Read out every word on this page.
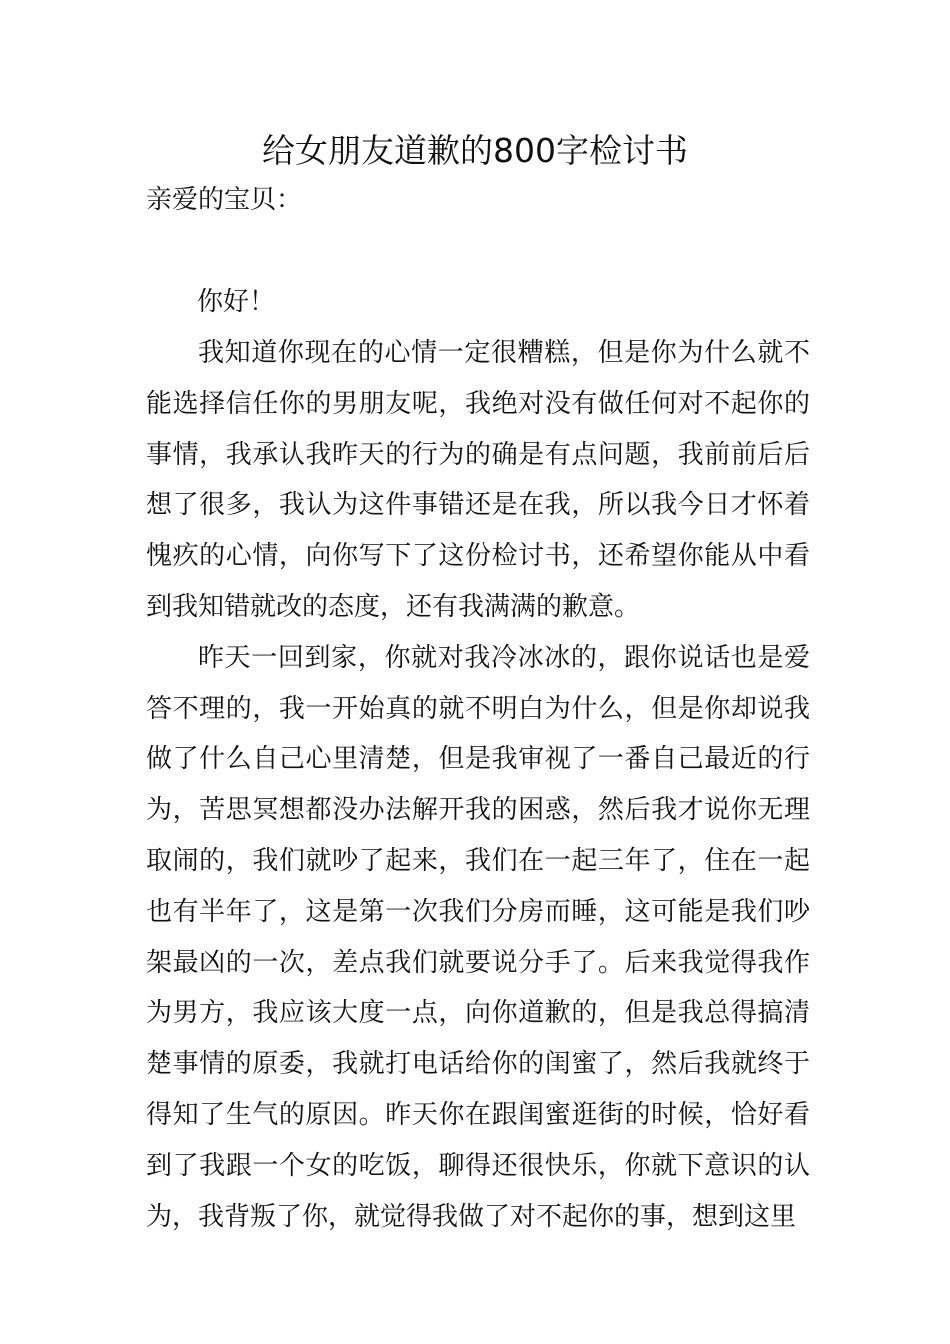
给女朋友道歉的800字检讨书
亲爱的宝贝：
你好！

我知道你现在的心情一定很糟糕，但是你为什么就不能选择信任你的男朋友呢，我绝对没有做任何对不起你的事情，我承认我昨天的行为的确是有点问题，我前前后后想了很多，我认为这件事错还是在我，所以我今日才怀着愧疚的心情，向你写下了这份检讨书，还希望你能从中看到我知错就改的态度，还有我满满的歉意。

昨天一回到家，你就对我冷冰冰的，跟你说话也是爱答不理的，我一开始真的就不明白为什么，但是你却说我做了什么自己心里清楚，但是我审视了一番自己最近的行为，苦思冥想都没办法解开我的困惑，然后我才说你无理取闹的，我们就吵了起来，我们在一起三年了，住在一起也有半年了，这是第一次我们分房而睡，这可能是我们吵架最凶的一次，差点我们就要说分手了。后来我觉得我作为男方，我应该大度一点，向你道歉的，但是我总得搞清楚事情的原委，我就打电话给你的闺蜜了，然后我就终于得知了生气的原因。昨天你在跟闺蜜逛街的时候，恰好看到了我跟一个女的吃饭，聊得还很快乐，你就下意识的认为，我背叛了你，就觉得我做了对不起你的事，想到这里
